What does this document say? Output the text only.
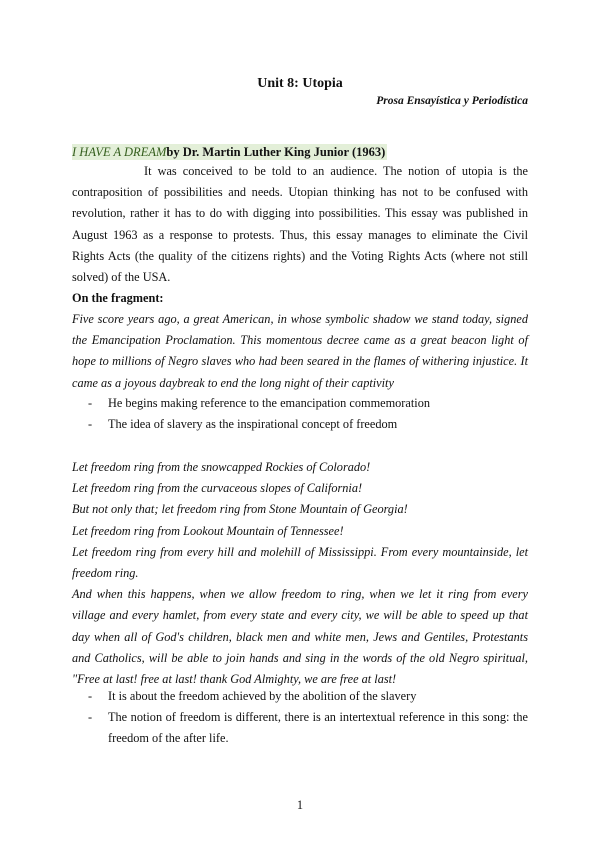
Unit 8: Utopia

Prosa Ensayística y Periodística

I HAVE A DREAMby Dr. Martin Luther King Junior (1963)

It was conceived to be told to an audience. The notion of utopia is the contraposition of possibilities and needs. Utopian thinking has not to be confused with revolution, rather it has to do with digging into possibilities. This essay was published in August 1963 as a response to protests. Thus, this essay manages to eliminate the Civil Rights Acts (the quality of the citizens rights) and the Voting Rights Acts (where not still solved) of the USA.

On the fragment:

Five score years ago, a great American, in whose symbolic shadow we stand today, signed the Emancipation Proclamation. This momentous decree came as a great beacon light of hope to millions of Negro slaves who had been seared in the flames of withering injustice. It came as a joyous daybreak to end the long night of their captivity

- He begins making reference to the emancipation commemoration
- The idea of slavery as the inspirational concept of freedom
Let freedom ring from the snowcapped Rockies of Colorado!
Let freedom ring from the curvaceous slopes of California!
But not only that; let freedom ring from Stone Mountain of Georgia!
Let freedom ring from Lookout Mountain of Tennessee!
Let freedom ring from every hill and molehill of Mississippi. From every mountainside, let freedom ring.
And when this happens, when we allow freedom to ring, when we let it ring from every village and every hamlet, from every state and every city, we will be able to speed up that day when all of God's children, black men and white men, Jews and Gentiles, Protestants and Catholics, will be able to join hands and sing in the words of the old Negro spiritual, "Free at last! free at last! thank God Almighty, we are free at last!
- It is about the freedom achieved by the abolition of the slavery
- The notion of freedom is different, there is an intertextual reference in this song: the freedom of the after life.

1
